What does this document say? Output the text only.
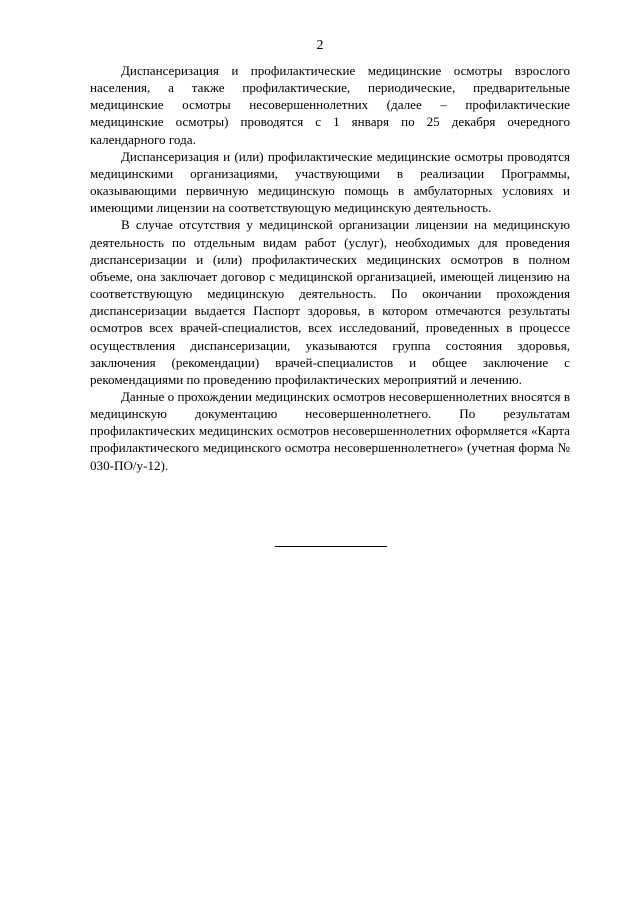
2

Диспансеризация и профилактические медицинские осмотры взрослого населения, а также профилактические, периодические, предварительные медицинские осмотры несовершеннолетних (далее – профилактические медицинские осмотры) проводятся с 1 января по 25 декабря очередного календарного года.

Диспансеризация и (или) профилактические медицинские осмотры проводятся медицинскими организациями, участвующими в реализации Программы, оказывающими первичную медицинскую помощь в амбулаторных условиях и имеющими лицензии на соответствующую медицинскую деятельность.

В случае отсутствия у медицинской организации лицензии на медицинскую деятельность по отдельным видам работ (услуг), необходимых для проведения диспансеризации и (или) профилактических медицинских осмотров в полном объеме, она заключает договор с медицинской организацией, имеющей лицензию на соответствующую медицинскую деятельность. По окончании прохождения диспансеризации выдается Паспорт здоровья, в котором отмечаются результаты осмотров всех врачей-специалистов, всех исследований, проведенных в процессе осуществления диспансеризации, указываются группа состояния здоровья, заключения (рекомендации) врачей-специалистов и общее заключение с рекомендациями по проведению профилактических мероприятий и лечению.

Данные о прохождении медицинских осмотров несовершеннолетних вносятся в медицинскую документацию несовершеннолетнего. По результатам профилактических медицинских осмотров несовершеннолетних оформляется «Карта профилактического медицинского осмотра несовершеннолетнего» (учетная форма № 030-ПО/у-12).
